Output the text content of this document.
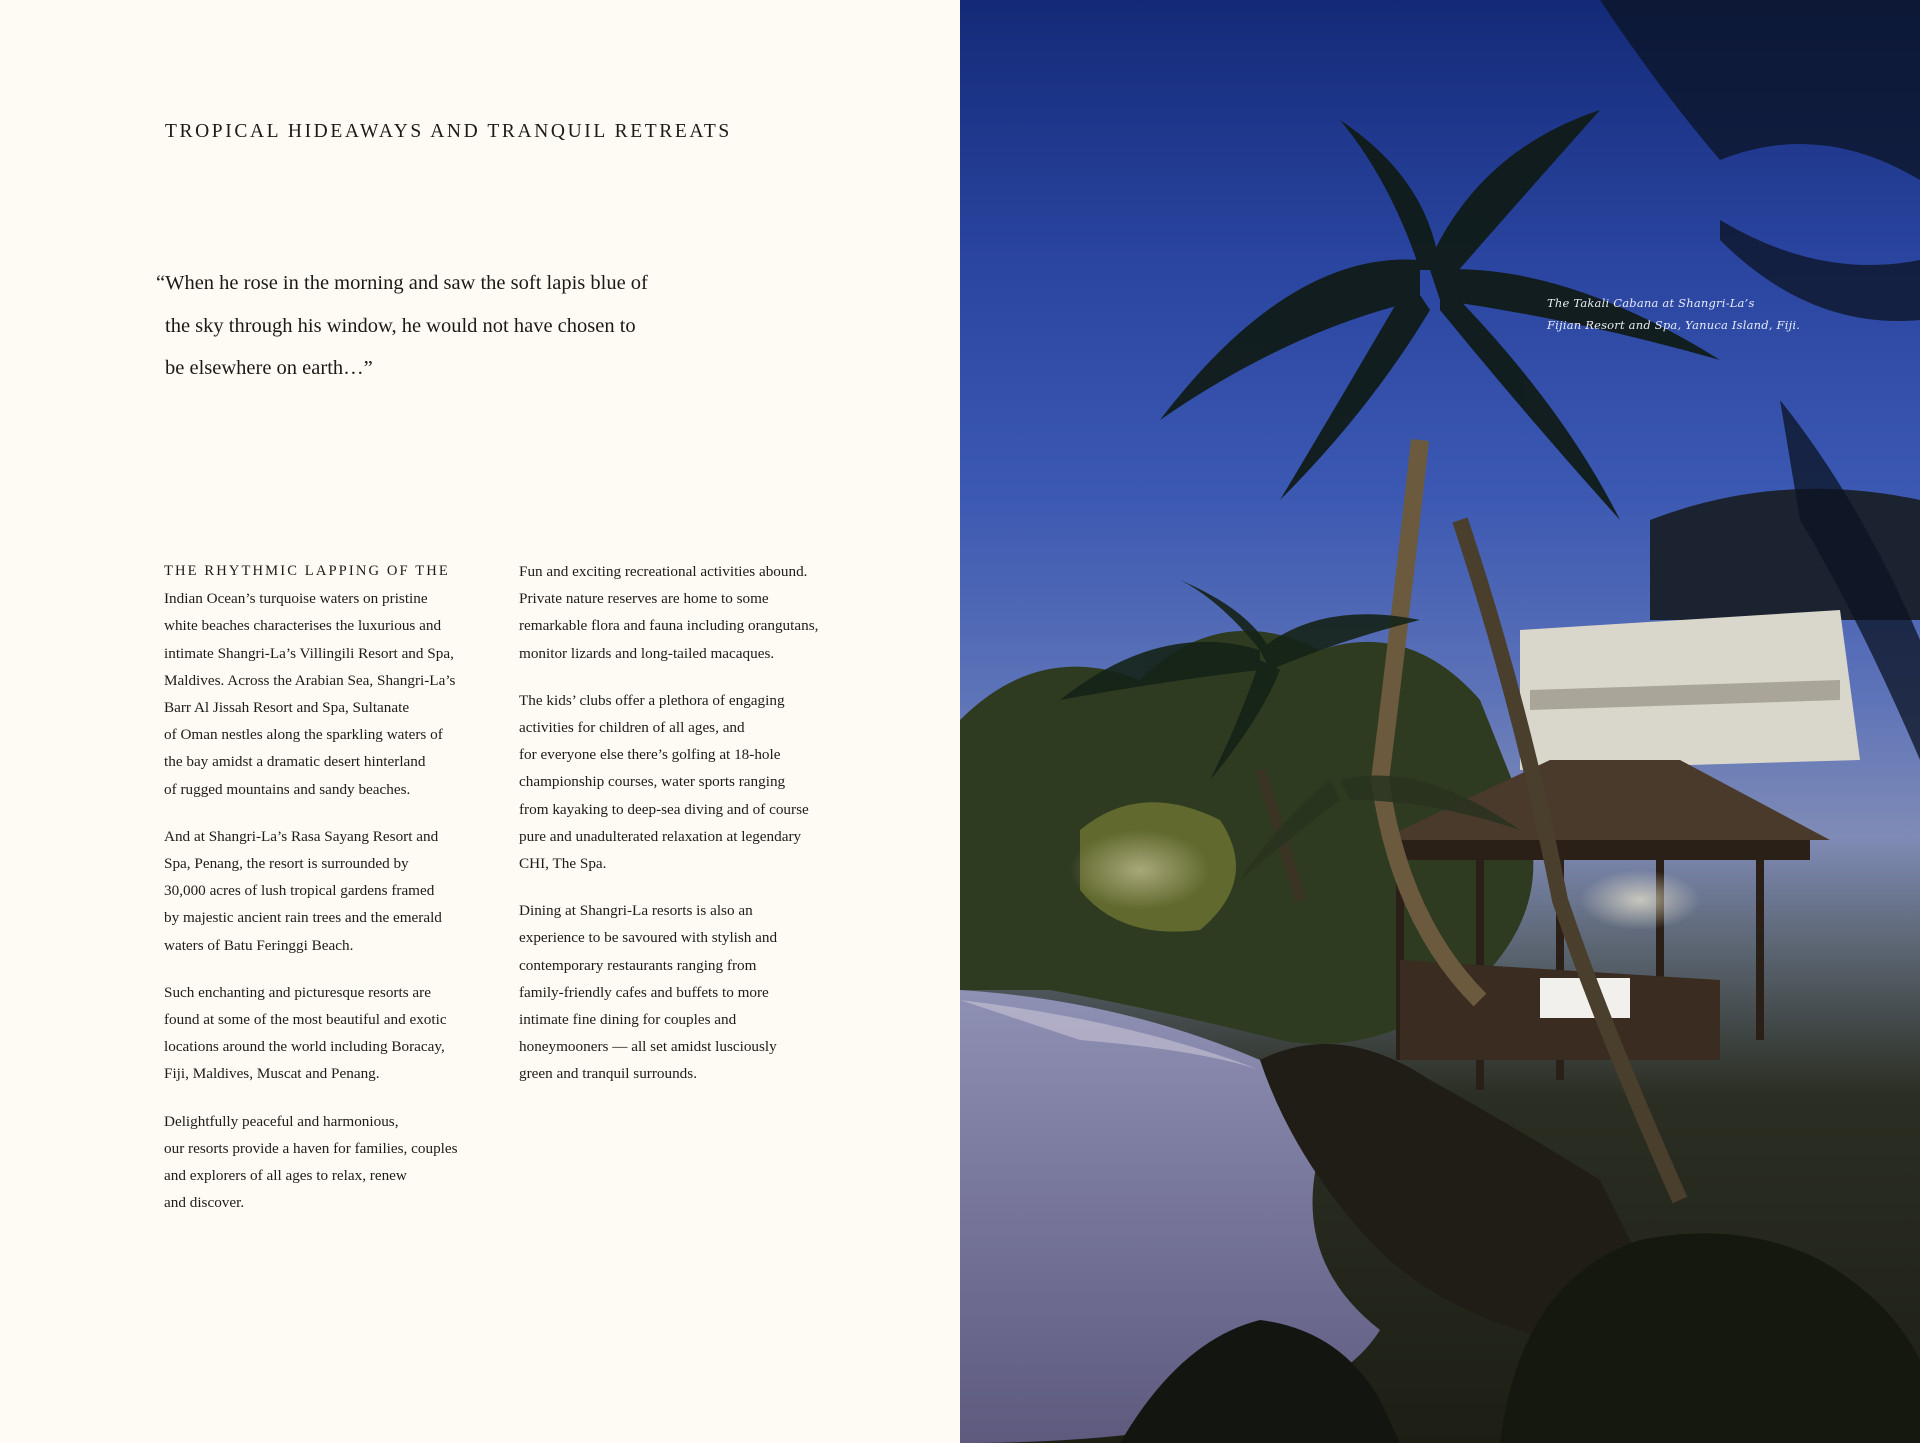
TROPICAL HIDEAWAYS AND TRANQUIL RETREATS
“When he rose in the morning and saw the soft lapis blue of
the sky through his window, he would not have chosen to
be elsewhere on earth…”

THE RHYTHMIC LAPPING OF THE
Indian Ocean’s turquoise waters on pristine
white beaches characterises the luxurious and
intimate Shangri-La’s Villingili Resort and Spa,
Maldives. Across the Arabian Sea, Shangri-La’s
Barr Al Jissah Resort and Spa, Sultanate
of Oman nestles along the sparkling waters of
the bay amidst a dramatic desert hinterland
of rugged mountains and sandy beaches.

And at Shangri-La’s Rasa Sayang Resort and
Spa, Penang, the resort is surrounded by
30,000 acres of lush tropical gardens framed
by majestic ancient rain trees and the emerald
waters of Batu Feringgi Beach.

Such enchanting and picturesque resorts are
found at some of the most beautiful and exotic
locations around the world including Boracay,
Fiji, Maldives, Muscat and Penang.

Delightfully peaceful and harmonious,
our resorts provide a haven for families, couples
and explorers of all ages to relax, renew
and discover.

Fun and exciting recreational activities abound.
Private nature reserves are home to some
remarkable flora and fauna including orangutans,
monitor lizards and long-tailed macaques.

The kids’ clubs offer a plethora of engaging
activities for children of all ages, and
for everyone else there’s golfing at 18-hole
championship courses, water sports ranging
from kayaking to deep-sea diving and of course
pure and unadulterated relaxation at legendary
CHI, The Spa.

Dining at Shangri-La resorts is also an
experience to be savoured with stylish and
contemporary restaurants ranging from
family-friendly cafes and buffets to more
intimate fine dining for couples and
honeymooners — all set amidst lusciously
green and tranquil surrounds.

The Takali Cabana at Shangri-La’s
Fijian Resort and Spa, Yanuca Island, Fiji.
